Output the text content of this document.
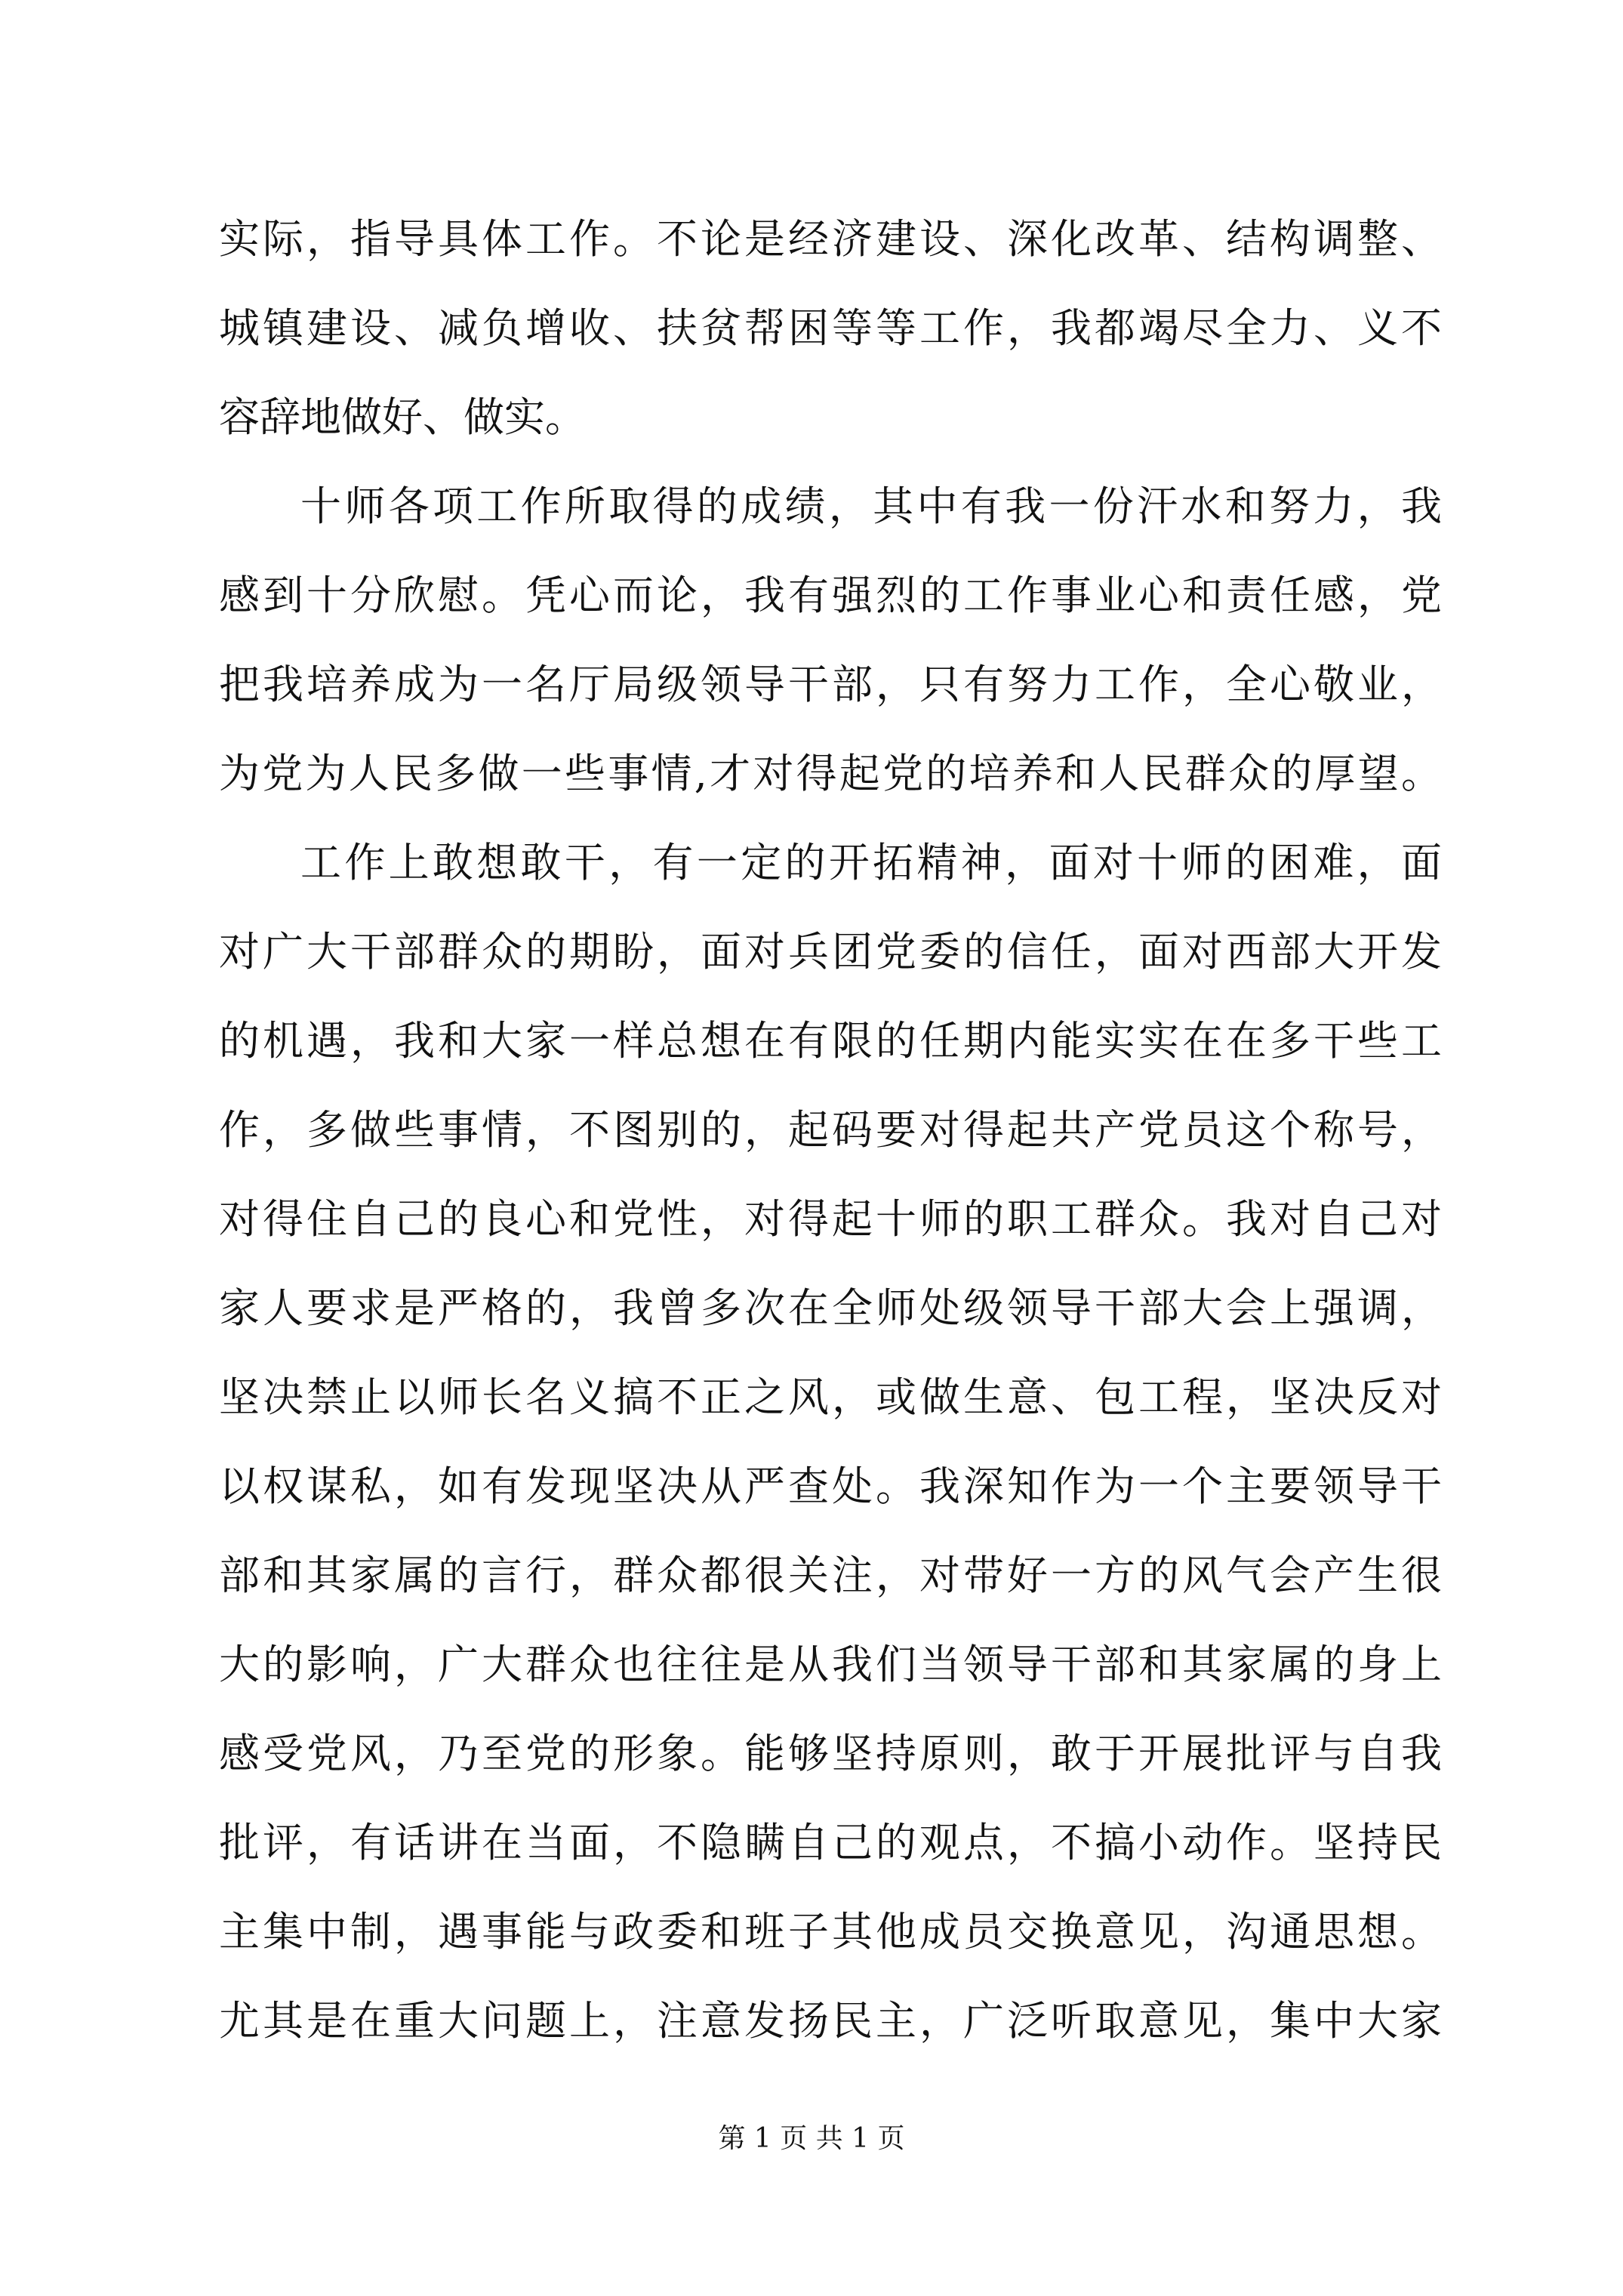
实际，指导具体工作。不论是经济建设、深化改革、结构调整、
城镇建设、减负增收、扶贫帮困等等工作，我都竭尽全力、义不
容辞地做好、做实。
十师各项工作所取得的成绩，其中有我一份汗水和努力，我
感到十分欣慰。凭心而论，我有强烈的工作事业心和责任感，党
把我培养成为一名厅局级领导干部，只有努力工作，全心敬业，
为党为人民多做一些事情,才对得起党的培养和人民群众的厚望。
工作上敢想敢干，有一定的开拓精神，面对十师的困难，面
对广大干部群众的期盼，面对兵团党委的信任，面对西部大开发
的机遇，我和大家一样总想在有限的任期内能实实在在多干些工
作，多做些事情，不图别的，起码要对得起共产党员这个称号，
对得住自己的良心和党性，对得起十师的职工群众。我对自己对
家人要求是严格的，我曾多次在全师处级领导干部大会上强调，
坚决禁止以师长名义搞不正之风，或做生意、包工程，坚决反对
以权谋私，如有发现坚决从严查处。我深知作为一个主要领导干
部和其家属的言行，群众都很关注，对带好一方的风气会产生很
大的影响，广大群众也往往是从我们当领导干部和其家属的身上
感受党风，乃至党的形象。能够坚持原则，敢于开展批评与自我
批评，有话讲在当面，不隐瞒自己的观点，不搞小动作。坚持民
主集中制，遇事能与政委和班子其他成员交换意见，沟通思想。
尤其是在重大问题上，注意发扬民主，广泛听取意见，集中大家
第 1 页 共 1 页
